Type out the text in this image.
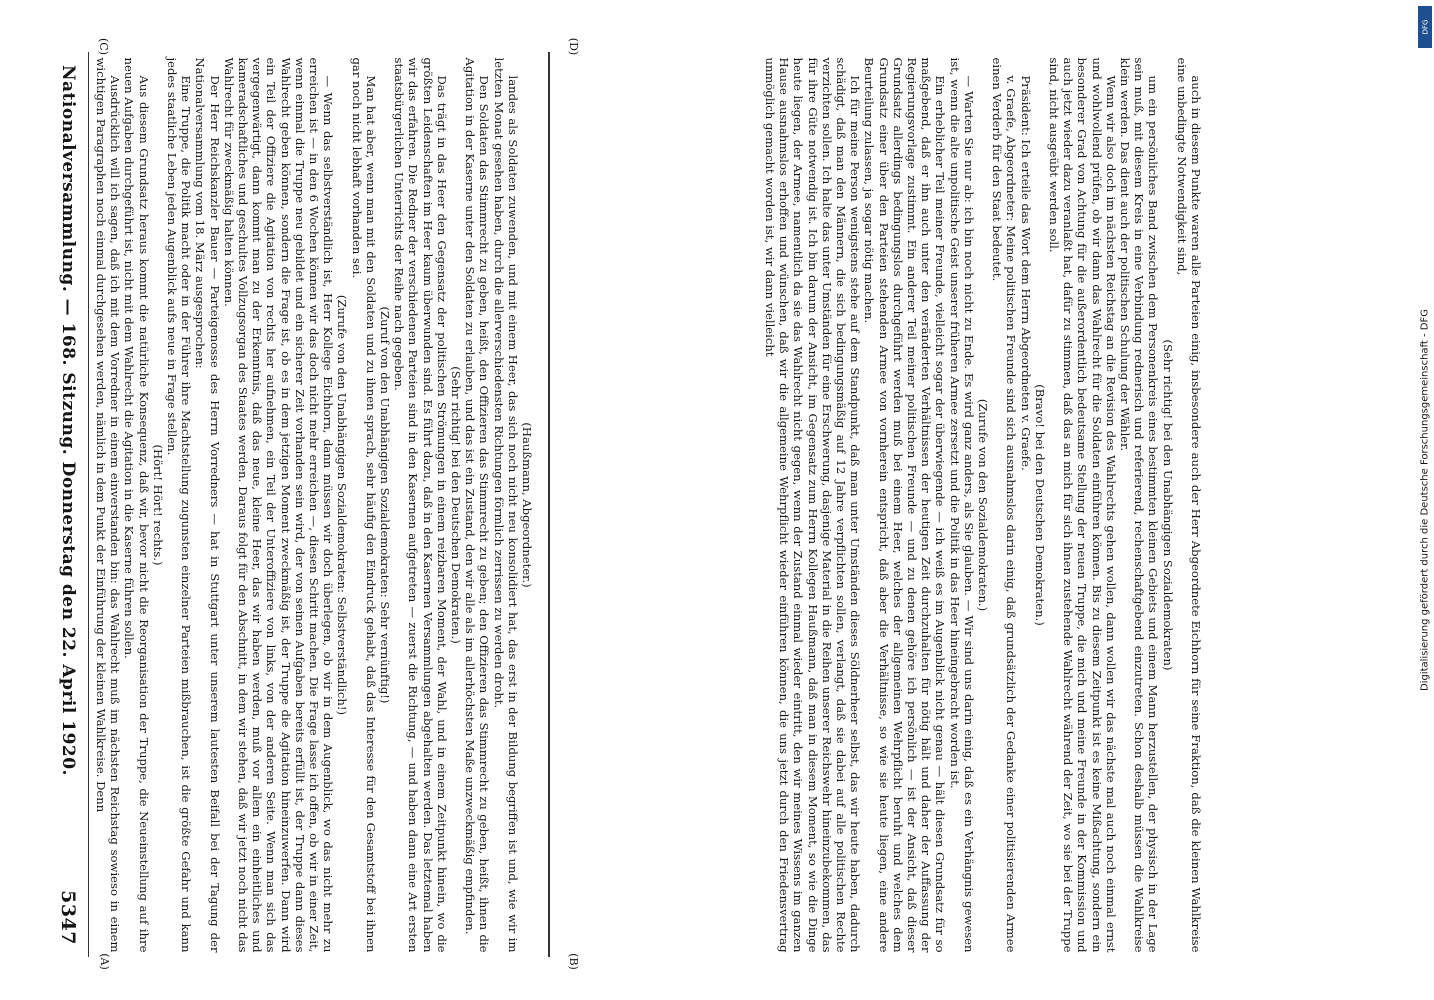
DFG
Digitalisierung gefördert durch die Deutsche Forschungsgemeinschaft - DFG
Nationalversammlung. — 168. Sitzung. Donnerstag den 22. April 1920.
5347

(Haußmann, Abgeordneter.)

landes als Soldaten zuwenden, und mit einem Heer, das sich noch nicht neu konsolidiert hat, das erst in der Bildung begriffen ist und, wie wir im letzten Monat gesehen haben, durch die allerverschiedensten Richtungen förmlich zerrissen zu werden droht.

Den Soldaten das Stimmrecht zu geben, heißt, den Offizieren das Stimmrecht zu geben; den Offizieren das Stimmrecht zu geben, heißt, ihnen die Agitation in der Kaserne unter den Soldaten zu erlauben, und das ist ein Zustand, den wir alle als im allerhöchsten Maße unzweckmäßig empfinden.

(Sehr richtig! bei den Deutschen Demokraten.)

Das trägt in das Heer den Gegensatz der politischen Strömungen in einem reizbaren Moment, der Wahl, und in einem Zeitpunkt hinein, wo die größten Leidenschaften im Heer kaum überwunden sind. Es führt dazu, daß in den Kasernen Versammlungen abgehalten werden. Das letztemal haben wir das erfahren. Die Redner der verschiedenen Parteien sind in den Kasernen aufgetreten — zuerst die Richtung, — und haben dann eine Art ersten staatsbürgerlichen Unterrichts der Reihe nach gegeben.

(Zuruf von den Unabhängigen Sozialdemokraten: Sehr vernünftig!)

Man hat aber, wenn man mit den Soldaten und zu ihnen sprach, sehr häufig den Eindruck gehabt, daß das Interesse für den Gesamtstoff bei ihnen gar noch nicht lebhaft vorhanden sei.

(Zurufe von den Unabhängigen Sozialdemokraten: Selbstverständlich!)

— Wenn das selbstverständlich ist, Herr Kollege Eichhorn, dann müssen wir doch überlegen, ob wir in dem Augenblick, wo das nicht mehr zu erreichen ist — in den 6 Wochen können wir das doch nicht mehr erreichen —, diesen Schritt machen. Die Frage lasse ich offen, ob wir in einer Zeit, wenn einmal die Truppe neu gebildet und ein sicherer Zeit vorhanden sein wird, der von seinen Aufgaben bereits erfüllt ist, der Truppe dann dieses Wahlrecht geben können, sondern die Frage ist, ob es in dem jetzigen Moment zweckmäßig ist, der Truppe die Agitation hineinzuwerfen. Dann wird ein Teil der Offiziere die Agitation von rechts her aufnehmen, ein Teil der Unteroffiziere von links, von der anderen Seite. Wenn man sich das vergegenwärtigt, dann kommt man zu der Erkenntnis, daß das neue, kleine Heer, das wir haben werden, muß vor allem ein einheitliches und kameradschaftliches und geschultes Vollzugsorgan des Staates werden. Daraus folgt für den Abschnitt, in dem wir stehen, daß wir jetzt noch nicht das Wahlrecht für zweckmäßig halten können.

Der Herr Reichskanzler Bauer — Parteigenosse des Herrn Vorredners — hat in Stuttgart unter unserem lautesten Beifall bei der Tagung der Nationalversammlung vom 18. März ausgesprochen:

Eine Truppe, die Politik macht oder in der Führer ihre Machtstellung zugunsten einzelner Parteien mißbrauchen, ist die größte Gefahr und kann jedes staatliche Leben jeden Augenblick aufs neue in Frage stellen.

(Hört! Hört! rechts.)

Aus diesem Grundsatz heraus kommt die natürliche Konsequenz, daß wir, bevor nicht die Reorganisation der Truppe, die Neueinstellung auf ihre neuen Aufgaben durchgeführt ist, nicht mit dem Wahlrecht die Agitation in die Kaserne führen sollen.

Ausdrücklich will ich sagen, daß ich mit dem Vorredner in einem einverstanden bin: das Wahlrecht muß im nächsten Reichstag sowieso in einem wichtigen Paragraphen noch einmal durchgesehen werden, nämlich in dem Punkt der Einführung der kleinen Wahlkreise. Denn	auch in diesem Punkte waren alle Parteien einig, insbesondere auch der Herr Abgeordnete Eichhorn für seine Fraktion, daß die kleinen Wahlkreise eine unbedingte Notwendigkeit sind,

(Sehr richtig! bei den Unabhängigen Sozialdemokraten)

um ein persönliches Band zwischen dem Personenkreis eines bestimmten kleinen Gebiets und einem Mann herzustellen, der physisch in der Lage sein muß, mit diesem Kreis in eine Verbindung rednerisch und referierend, rechenschaftgebend einzutreten. Schon deshalb müssen die Wahlkreise klein werden. Das dient auch der politischen Schulung der Wähler.

Wenn wir also doch im nächsten Reichstag an die Revision des Wahlrechts gehen wollen, dann wollen wir das nächste mal auch noch einmal ernst und wohlwollend prüfen, ob wir dann das Wahlrecht für die Soldaten einführen können. Bis zu diesem Zeitpunkt ist es keine Mißachtung, sondern ein besonderer Grad von Achtung für die außerordentlich bedeutsame Stellung der neuen Truppe, die mich und meine Freunde in der Kommission und auch jetzt wieder dazu veranlaßt hat, dafür zu stimmen, daß das an mich für sich ihnen zustehende Wahlrecht während der Zeit, wo sie bei der Truppe sind, nicht ausgeübt werden soll.

(Bravo! bei den Deutschen Demokraten.)

Präsident: Ich erteile das Wort dem Herrn Abgeordneten v. Graefe.

v. Graefe, Abgeordneter: Meine politischen Freunde sind sich ausnahmslos darin einig, daß grundsätzlich der Gedanke einer politisierenden Armee einen Verderb für den Staat bedeutet.

(Zurufe von den Sozialdemokraten.)

— Warten Sie nur ab: ich bin noch nicht zu Ende. Es wird ganz anders, als Sie glauben. — Wir sind uns darin einig, daß es ein Verhängnis gewesen ist, wenn die alte unpolitische Geist unserer früheren Armee zersetzt und die Politik in das Heer hineingebracht worden ist.

Ein erheblicher Teil meiner Freunde, vielleicht sogar der überwiegende — ich weiß es im Augenblick nicht genau — hält diesen Grundsatz für so maßgebend, daß er ihn auch unter den veränderten Verhältnissen der heutigen Zeit durchzuhalten für nötig hält und daher der Auffassung der Regierungsvorlage zustimmt. Ein anderer Teil meiner politischen Freunde — und zu denen gehöre ich persönlich — ist der Ansicht, daß dieser Grundsatz allerdings bedingungslos durchgeführt werden muß bei einem Heer, welches der allgemeinen Wehrpflicht beruht und welches dem Grundsatz einer über den Parteien stehenden Armee von vornherein entspricht, daß aber die Verhältnisse, so wie sie heute liegen, eine andere Beurteilung zulassen, ja sogar nötig machen.

Ich für meine Person wenigstens stehe auf dem Standpunkt, daß man unter Umständen dieses Söldnerheer selbst, das wir heute haben, dadurch schädigt, daß man den Männern, die sich bedingungsmäßig auf 12 Jahre verpflichten sollen, verlangt, daß sie dabei auf alle politischen Rechte verzichten sollen. Ich halte das unter Umständen für eine Erschwerung, dasjenige Material in die Reihen unserer Reichswehr hineinzubekommen, das für ihre Güte notwendig ist. Ich bin darum der Ansicht, im Gegensatz zum Herrn Kollegen Haußmann, daß man in diesem Moment, so wie die Dinge heute liegen, der Armee, namentlich da sie das Wahlrecht nicht gegen, wenn der Zustand einmal wieder eintritt, den wir meines Wissens im ganzen Hause ausnahmslos erhoffen und wünschen, daß wir die allgemeine Wehrpflicht wieder einführen können, die uns jetzt durch den Friedensvertrag unmöglich gemacht worden ist, wir dann vielleicht

(A)	(B)
(C)	(D)
